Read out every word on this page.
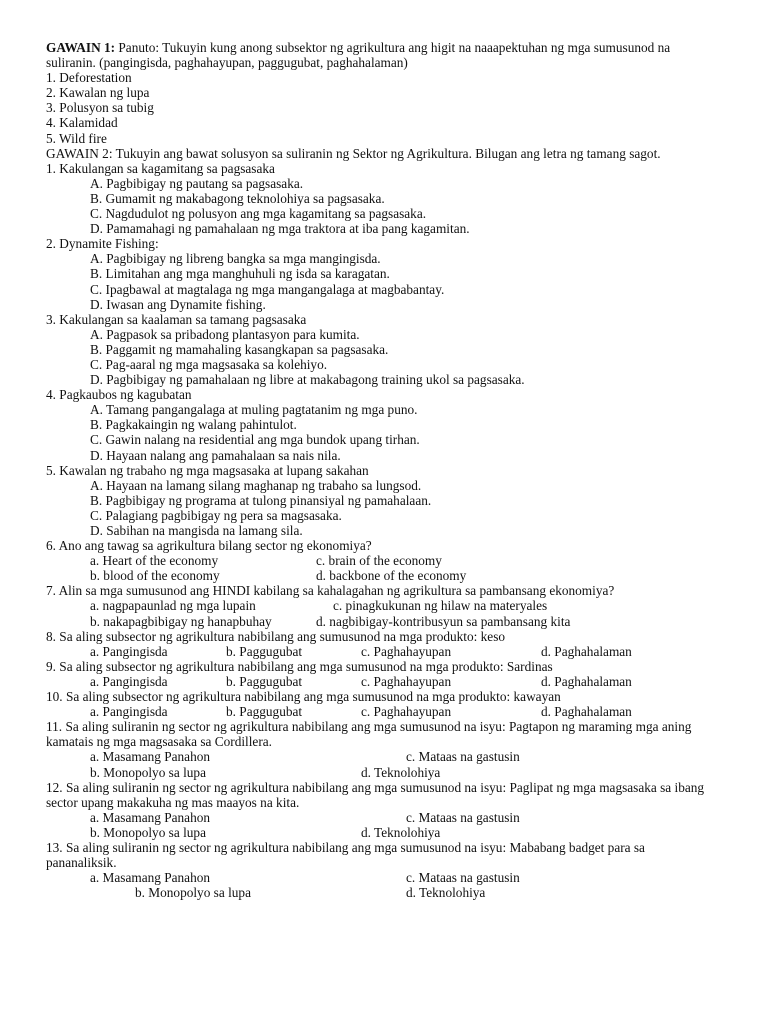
GAWAIN 1: Panuto: Tukuyin kung anong subsektor ng agrikultura ang higit na naaapektuhan ng mga sumusunod na suliranin. (pangingisda, paghahayupan, paggugubat, paghahalaman)
1. Deforestation
2. Kawalan ng lupa
3. Polusyon sa tubig
4. Kalamidad
5. Wild fire
GAWAIN 2: Tukuyin ang bawat solusyon sa suliranin ng Sektor ng Agrikultura. Bilugan ang letra ng tamang sagot.
1. Kakulangan sa kagamitang sa pagsasaka
A. Pagbibigay ng pautang sa pagsasaka.
B. Gumamit ng makabagong teknolohiya sa pagsasaka.
C. Nagdudulot ng polusyon ang mga kagamitang sa pagsasaka.
D. Pamamahagi ng pamahalaan ng mga traktora at iba pang kagamitan.
2. Dynamite Fishing:
A. Pagbibigay ng libreng bangka sa mga mangingisda.
B. Limitahan ang mga manghuhuli ng isda sa karagatan.
C. Ipagbawal at magtalaga ng mga mangangalaga at magbabantay.
D. Iwasan ang Dynamite fishing.
3. Kakulangan sa kaalaman sa tamang pagsasaka
A. Pagpasok sa pribadong plantasyon para kumita.
B. Paggamit ng mamahaling kasangkapan sa pagsasaka.
C. Pag-aaral ng mga magsasaka sa kolehiyo.
D. Pagbibigay ng pamahalaan ng libre at makabagong training ukol sa pagsasaka.
4. Pagkaubos ng kagubatan
A. Tamang pangangalaga at muling pagtatanim ng mga puno.
B. Pagkakaingin ng walang pahintulot.
C. Gawin nalang na residential ang mga bundok upang tirhan.
D. Hayaan nalang ang pamahalaan sa nais nila.
5. Kawalan ng trabaho ng mga magsasaka at lupang sakahan
A. Hayaan na lamang silang maghanap ng trabaho sa lungsod.
B. Pagbibigay ng programa at tulong pinansiyal ng pamahalaan.
C. Palagiang pagbibigay ng pera sa magsasaka.
D. Sabihan na mangisda na lamang sila.
6. Ano ang tawag sa agrikultura bilang sector ng ekonomiya?
a. Heart of the economy	c. brain of the economy
b. blood of the economy	d. backbone of the economy
7. Alin sa mga sumusunod ang HINDI kabilang sa kahalagahan ng agrikultura sa pambansang ekonomiya?
a. nagpapaunlad ng mga lupain	c. pinagkukunan ng hilaw na materyales
b. nakapagbibigay ng hanapbuhay	d. nagbibigay-kontribusyun sa pambansang kita
8. Sa aling subsector ng agrikultura nabibilang ang sumusunod na mga produkto: keso
a. Pangingisda	b. Paggugubat	c. Paghahayupan	d. Paghahalaman
9. Sa aling subsector ng agrikultura nabibilang ang mga sumusunod na mga produkto: Sardinas
a. Pangingisda	b. Paggugubat	c. Paghahayupan	d. Paghahalaman
10. Sa aling subsector ng agrikultura nabibilang ang mga sumusunod na mga produkto: kawayan
a. Pangingisda	b. Paggugubat	c. Paghahayupan	d. Paghahalaman
11. Sa aling suliranin ng sector ng agrikultura nabibilang ang mga sumusunod na isyu: Pagtapon ng maraming mga aning kamatais ng mga magsasaka sa Cordillera.
a. Masamang Panahon	c. Mataas na gastusin
b. Monopolyo sa lupa	d. Teknolohiya
12. Sa aling suliranin ng sector ng agrikultura nabibilang ang mga sumusunod na isyu: Paglipat ng mga magsasaka sa ibang sector upang makakuha ng mas maayos na kita.
a. Masamang Panahon	c. Mataas na gastusin
b. Monopolyo sa lupa	d. Teknolohiya
13. Sa aling suliranin ng sector ng agrikultura nabibilang ang mga sumusunod na isyu: Mababang badget para sa pananaliksik.
a. Masamang Panahon	c. Mataas na gastusin
b. Monopolyo sa lupa	d. Teknolohiya
